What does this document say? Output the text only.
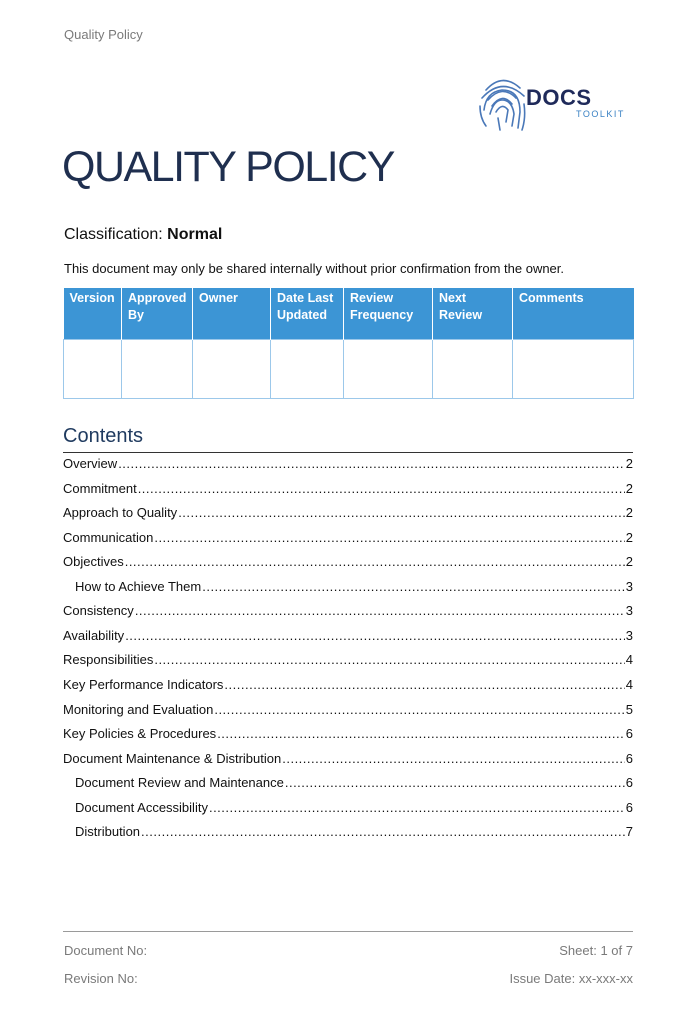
Quality Policy
DOCS
TOOLKIT
QUALITY POLICY
Classification: Normal
This document may only be shared internally without prior confirmation from the owner.
Version	Approved By	Owner	Date Last Updated	Review Frequency	Next Review	Comments

Contents
Overview .....	2
Commitment .....	2
Approach to Quality .....	2
Communication .....	2
Objectives .....	2
How to Achieve Them .....	3
Consistency .....	3
Availability .....	3
Responsibilities .....	4
Key Performance Indicators .....	4
Monitoring and Evaluation .....	5
Key Policies & Procedures .....	6
Document Maintenance & Distribution .....	6
Document Review and Maintenance .....	6
Document Accessibility .....	6
Distribution .....	7
Document No:	Sheet: 1 of 7
Revision No:	Issue Date: xx-xxx-xx
